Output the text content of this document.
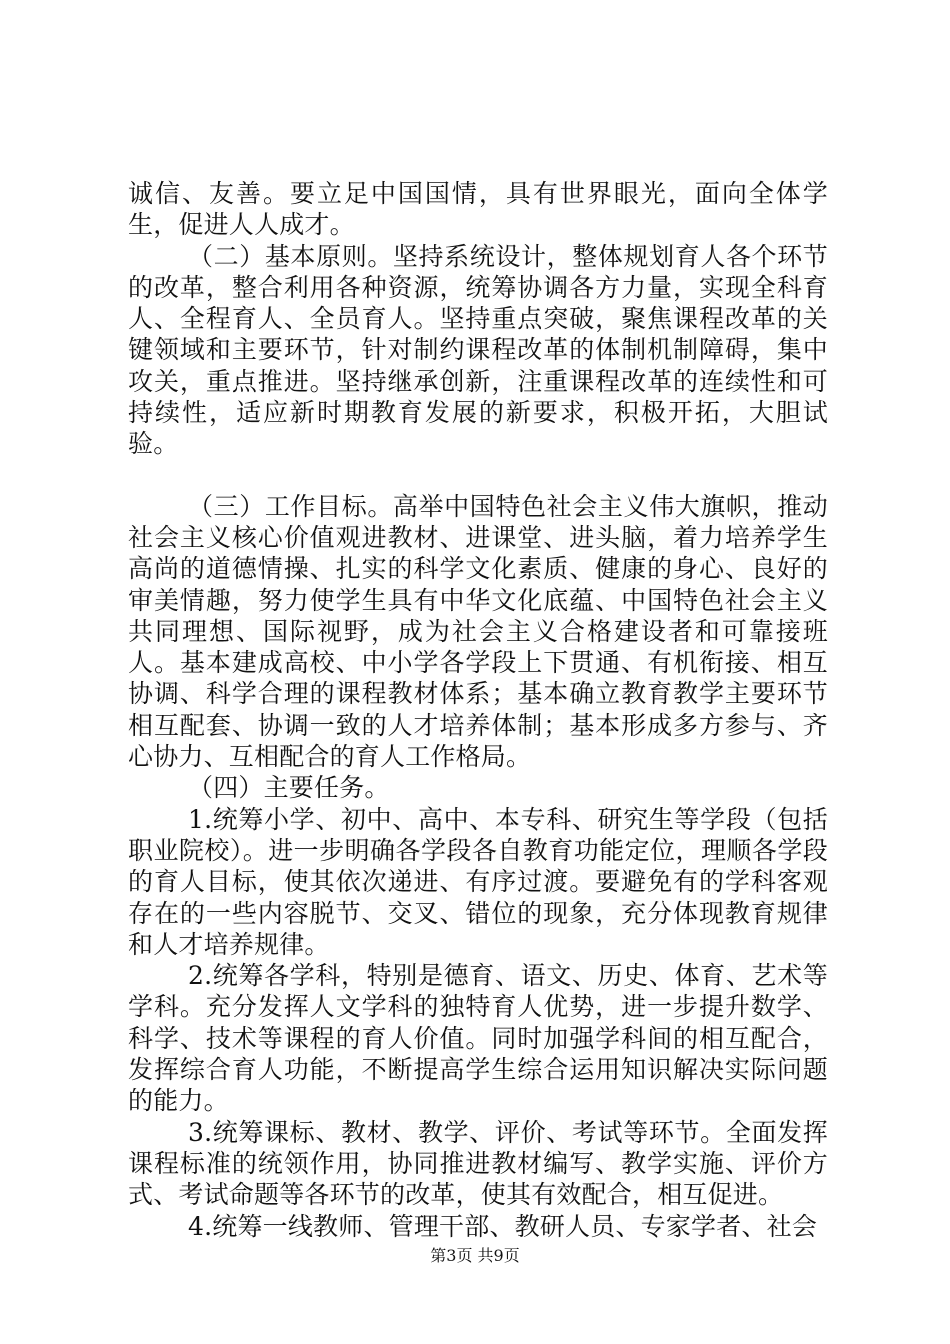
诚信、友善。要立足中国国情，具有世界眼光，面向全体学生，促进人人成才。

（二）基本原则。坚持系统设计，整体规划育人各个环节的改革，整合利用各种资源，统筹协调各方力量，实现全科育人、全程育人、全员育人。坚持重点突破，聚焦课程改革的关键领域和主要环节，针对制约课程改革的体制机制障碍，集中攻关，重点推进。坚持继承创新，注重课程改革的连续性和可持续性，适应新时期教育发展的新要求，积极开拓，大胆试验。

（三）工作目标。高举中国特色社会主义伟大旗帜，推动社会主义核心价值观进教材、进课堂、进头脑，着力培养学生高尚的道德情操、扎实的科学文化素质、健康的身心、良好的审美情趣，努力使学生具有中华文化底蕴、中国特色社会主义共同理想、国际视野，成为社会主义合格建设者和可靠接班人。基本建成高校、中小学各学段上下贯通、有机衔接、相互协调、科学合理的课程教材体系；基本确立教育教学主要环节相互配套、协调一致的人才培养体制；基本形成多方参与、齐心协力、互相配合的育人工作格局。

（四）主要任务。

1.统筹小学、初中、高中、本专科、研究生等学段（包括职业院校）。进一步明确各学段各自教育功能定位，理顺各学段的育人目标，使其依次递进、有序过渡。要避免有的学科客观存在的一些内容脱节、交叉、错位的现象，充分体现教育规律和人才培养规律。

2.统筹各学科，特别是德育、语文、历史、体育、艺术等学科。充分发挥人文学科的独特育人优势，进一步提升数学、科学、技术等课程的育人价值。同时加强学科间的相互配合，发挥综合育人功能，不断提高学生综合运用知识解决实际问题的能力。

3.统筹课标、教材、教学、评价、考试等环节。全面发挥课程标准的统领作用，协同推进教材编写、教学实施、评价方式、考试命题等各环节的改革，使其有效配合，相互促进。

4.统筹一线教师、管理干部、教研人员、专家学者、社会

第3页 共9页
